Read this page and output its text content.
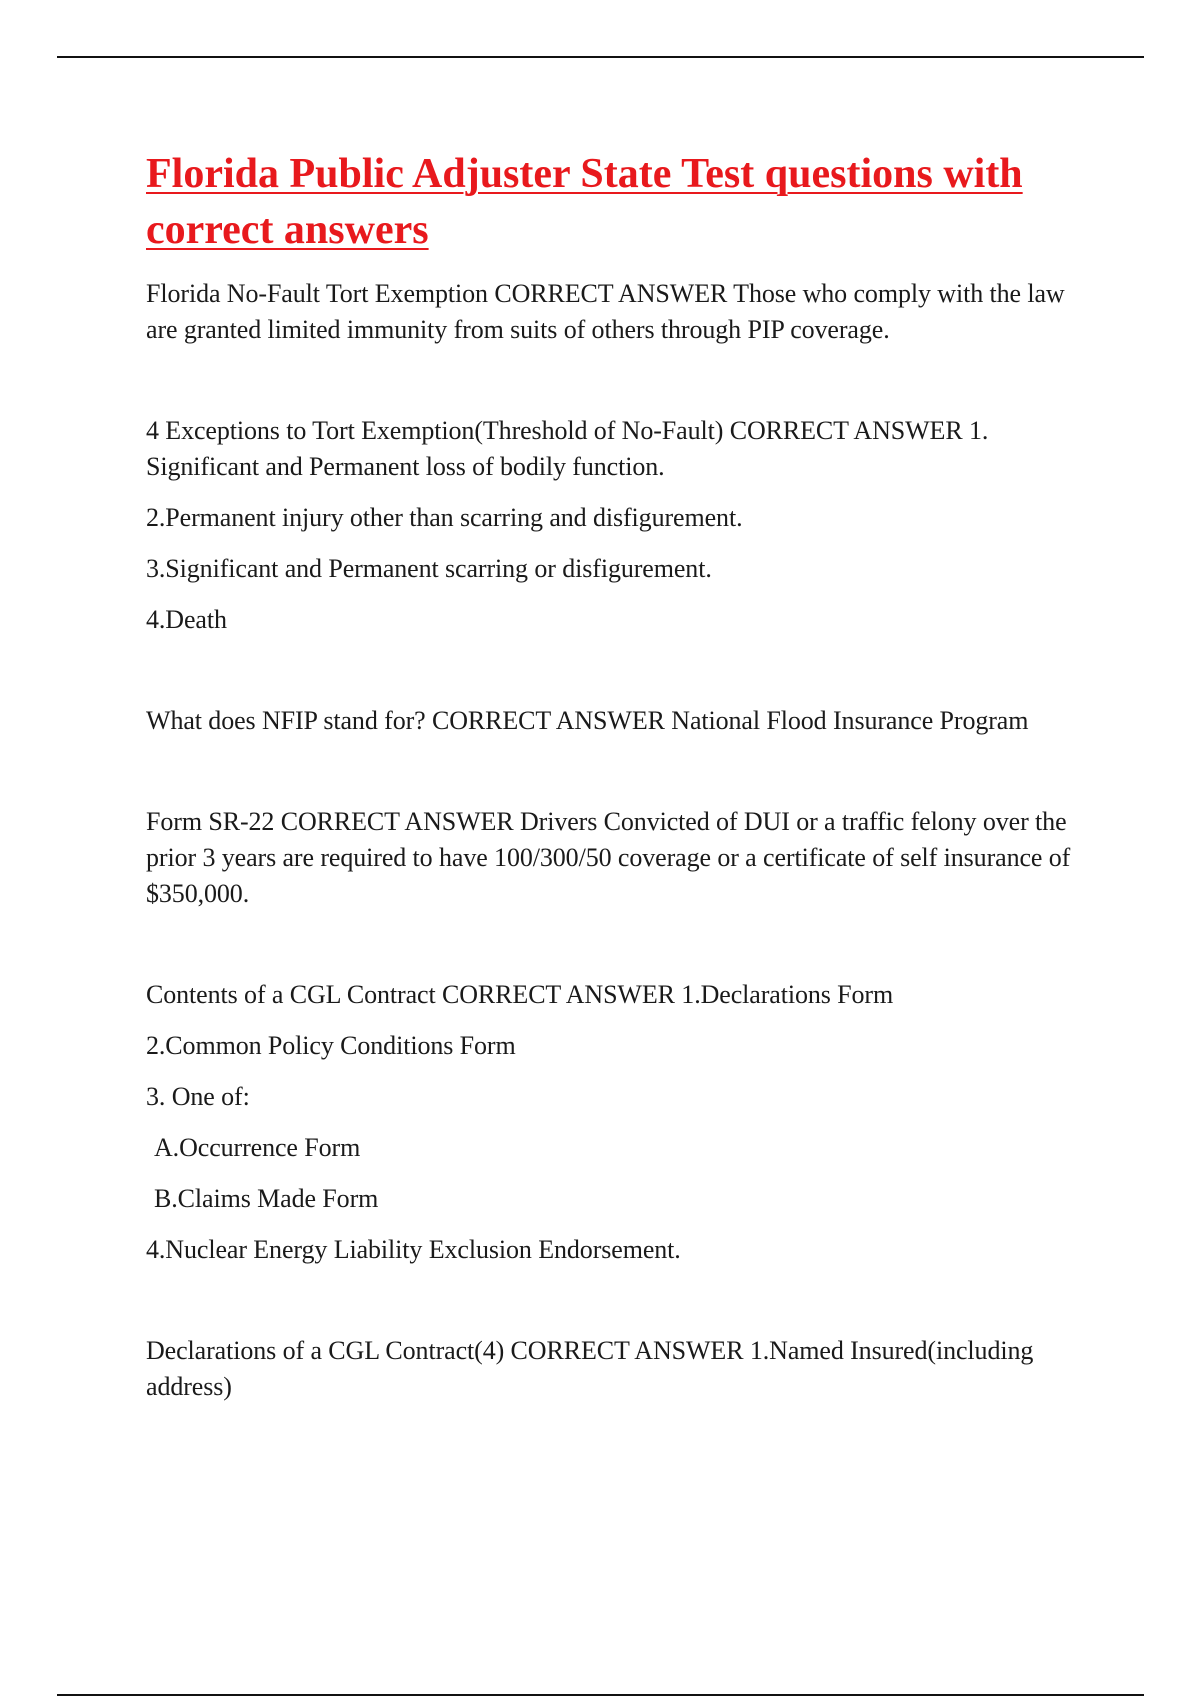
Florida Public Adjuster State Test questions with correct answers

Florida No-Fault Tort Exemption CORRECT ANSWER Those who comply with the law are granted limited immunity from suits of others through PIP coverage.

4 Exceptions to Tort Exemption(Threshold of No-Fault) CORRECT ANSWER 1. Significant and Permanent loss of bodily function.

2.Permanent injury other than scarring and disfigurement.

3.Significant and Permanent scarring or disfigurement.

4.Death

What does NFIP stand for? CORRECT ANSWER National Flood Insurance Program

Form SR-22 CORRECT ANSWER Drivers Convicted of DUI or a traffic felony over the prior 3 years are required to have 100/300/50 coverage or a certificate of self insurance of $350,000.

Contents of a CGL Contract CORRECT ANSWER 1.Declarations Form

2.Common Policy Conditions Form

3. One of:

A.Occurrence Form

B.Claims Made Form

4.Nuclear Energy Liability Exclusion Endorsement.

Declarations of a CGL Contract(4) CORRECT ANSWER 1.Named Insured(including address)
